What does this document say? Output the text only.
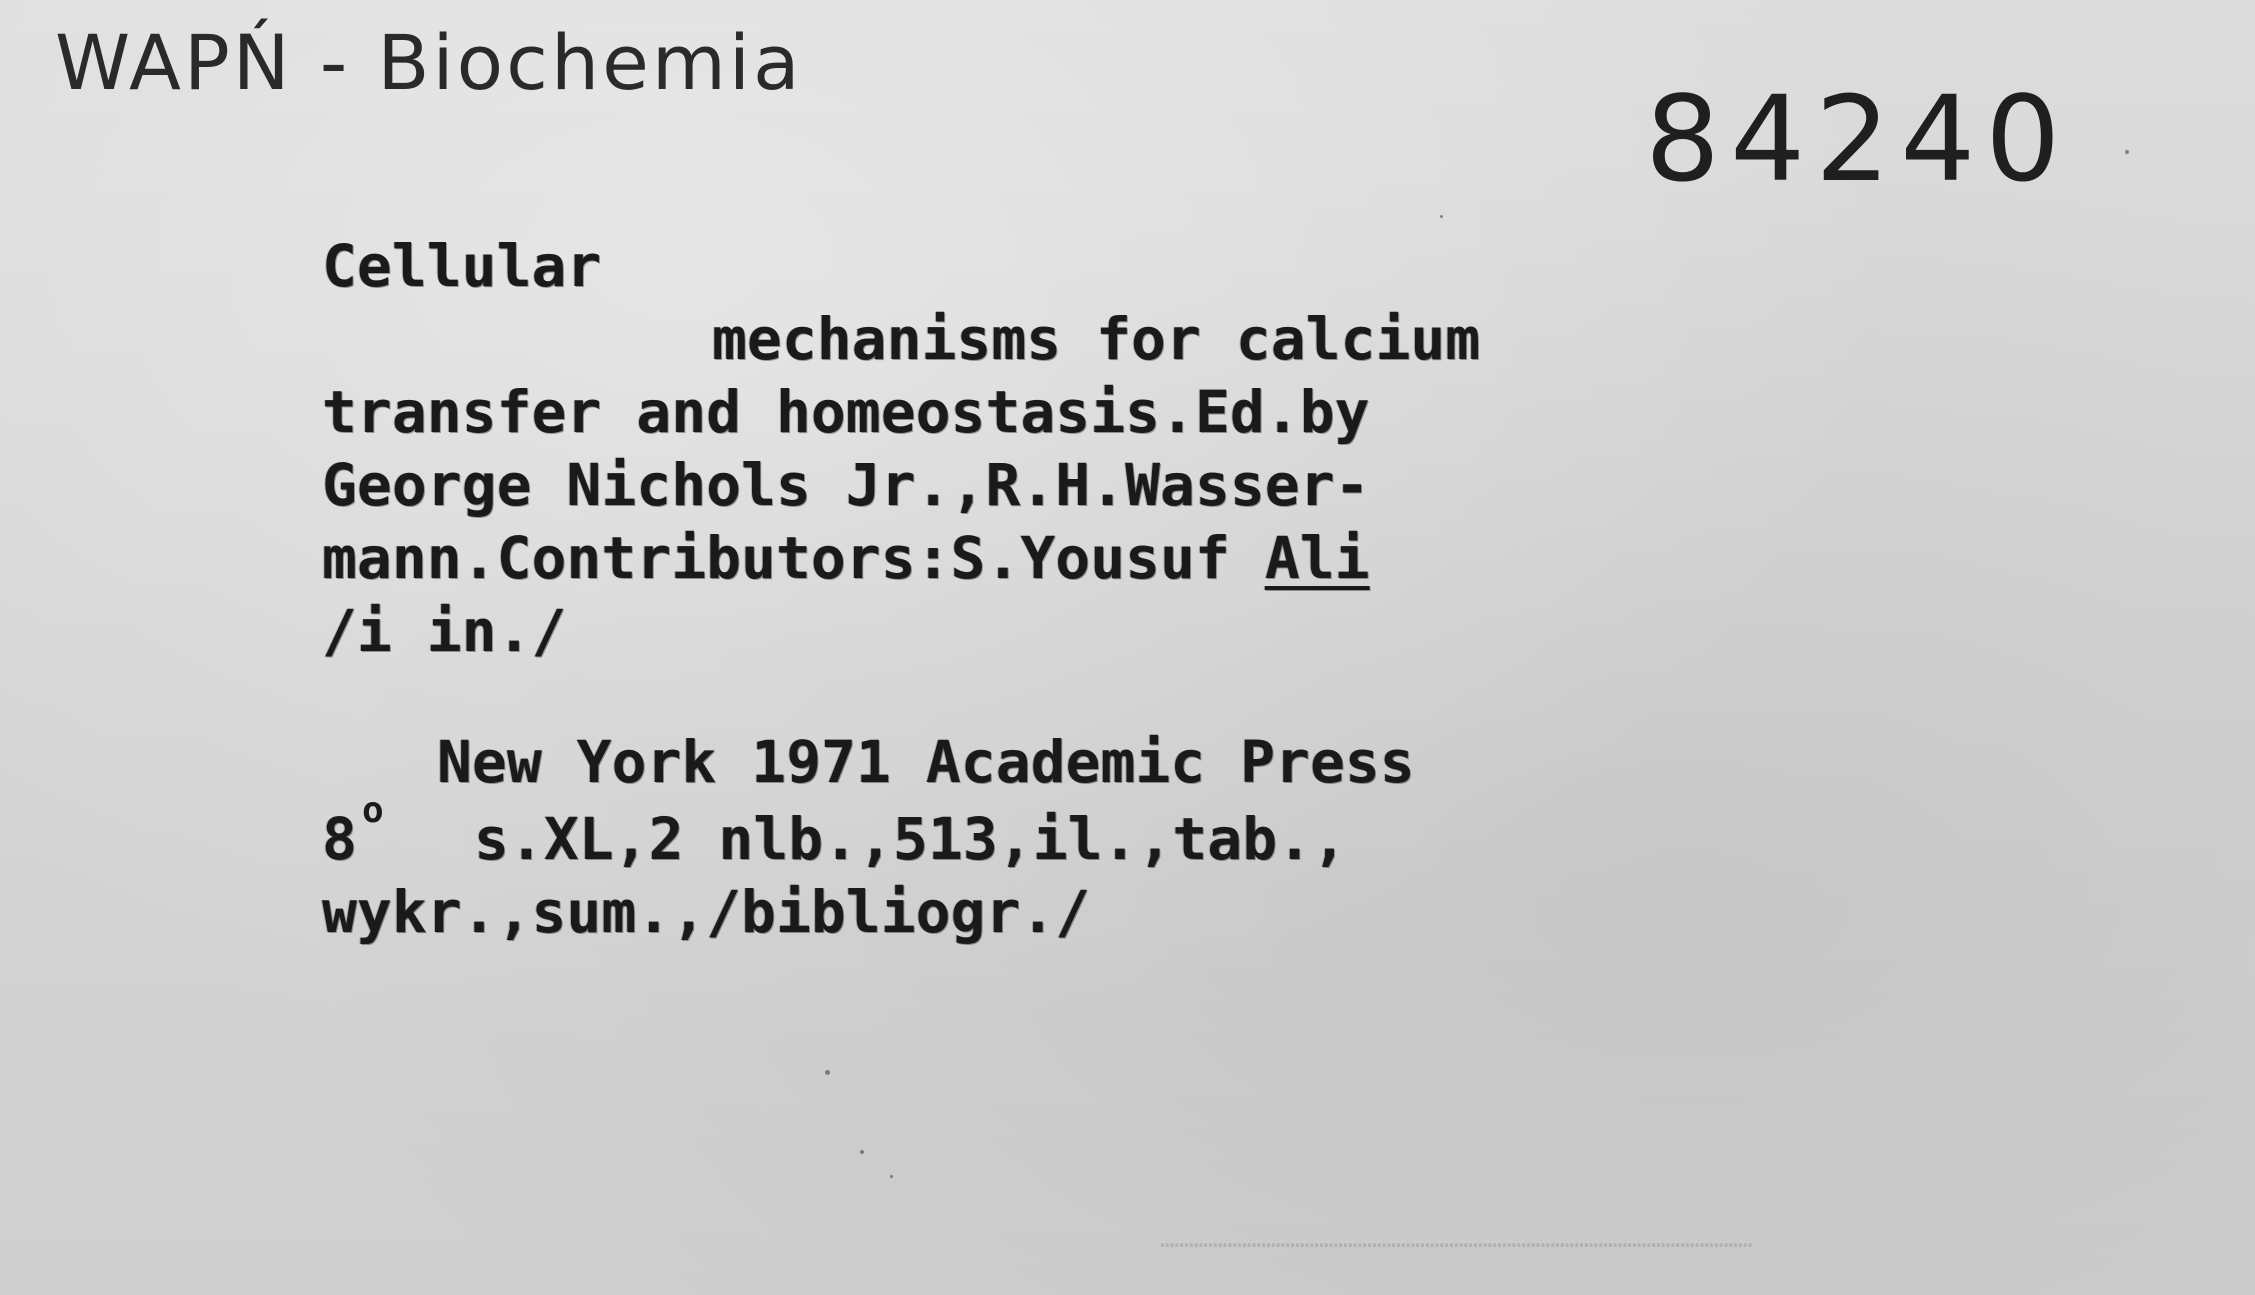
……………………………………………………………………………………………………………
WAPŃ - Biochemia
84240
Cellular
mechanisms for calcium
transfer and homeostasis.Ed.by
George Nichols Jr.,R.H.Wasser-
mann.Contributors:S.Yousuf Ali
/i in./
New York 1971 Academic Press
8 o s.XL,2 nlb.,513,il.,tab.,
wykr.,sum.,/bibliogr./
